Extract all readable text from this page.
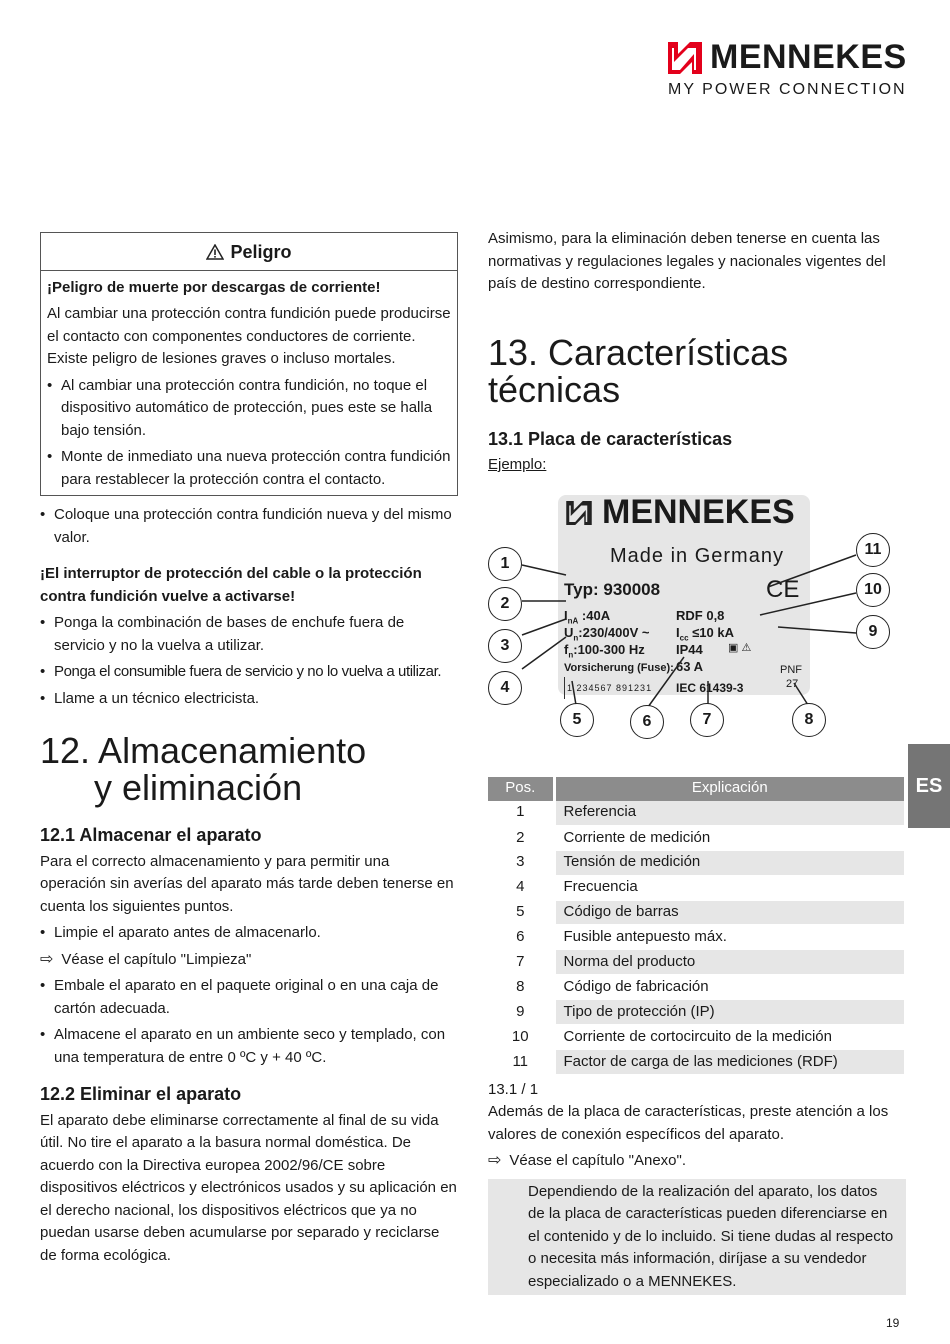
MENNEKES
MY POWER CONNECTION
Peligro
¡Peligro de muerte por descargas de corriente!
Al cambiar una protección contra fundición puede producirse el contacto con componentes conductores de corriente. Existe peligro de lesiones graves o incluso mortales.
• Al cambiar una protección contra fundición, no toque el dispositivo automático de protección, pues este se halla bajo tensión.
• Monte de inmediato una nueva protección contra fundición para restablecer la protección contra el contacto.
• Coloque una protección contra fundición nueva y del mismo valor.
¡El interruptor de protección del cable o la protección contra fundición vuelve a activarse!
• Ponga la combinación de bases de enchufe fuera de servicio y no la vuelva a utilizar.
• Ponga el consumible fuera de servicio y no lo vuelva a utilizar.
• Llame a un técnico electricista.
12. Almacenamiento
y eliminación
12.1 Almacenar el aparato
Para el correcto almacenamiento y para permitir una operación sin averías del aparato más tarde deben tenerse en cuenta los siguientes puntos.
• Limpie el aparato antes de almacenarlo.
⇨ Véase el capítulo "Limpieza"
• Embale el aparato en el paquete original o en una caja de cartón adecuada.
• Almacene el aparato en un ambiente seco y templado, con una temperatura de entre 0 ºC y + 40 ºC.
12.2 Eliminar el aparato
El aparato debe eliminarse correctamente al final de su vida útil. No tire el aparato a la basura normal doméstica. De acuerdo con la Directiva europea 2002/96/CE sobre dispositivos eléctricos y electrónicos usados y su aplicación en el derecho nacional, los dispositivos eléctricos que ya no puedan usarse deben acumularse por separado y reciclarse de forma ecológica.
Asimismo, para la eliminación deben tenerse en cuenta las normativas y regulaciones legales y nacionales vigentes del país de destino correspondiente.
13. Características técnicas
13.1 Placa de características
Ejemplo:
MENNEKES
Made in Germany
Typ: 930008
$I_{nA}$ :40A
$U_n:230/400V$ ~
$f_n:100-300$ Hz
Vorsicherung (Fuse):
RDF 0,8
$I_{cc} \le 10$ kA
IP44
63 A
CE
▣ ⚠
PNF
27
1 234567 891231 IEC 61439-3
1
2
3
4
5	6	7	8
9
10
11
Pos.	Explicación
1	Referencia
2	Corriente de medición
3	Tensión de medición
4	Frecuencia
5	Código de barras
6	Fusible antepuesto máx.
7	Norma del producto
8	Código de fabricación
9	Tipo de protección (IP)
10	Corriente de cortocircuito de la medición
11	Factor de carga de las mediciones (RDF)
13.1 / 1
Además de la placa de características, preste atención a los valores de conexión específicos del aparato.
⇨ Véase el capítulo "Anexo".
Dependiendo de la realización del aparato, los datos de la placa de características pueden diferenciarse en el contenido y de lo incluido. Si tiene dudas al respecto o necesita más información, diríjase a su vendedor especializado o a MENNEKES.
ES
19
